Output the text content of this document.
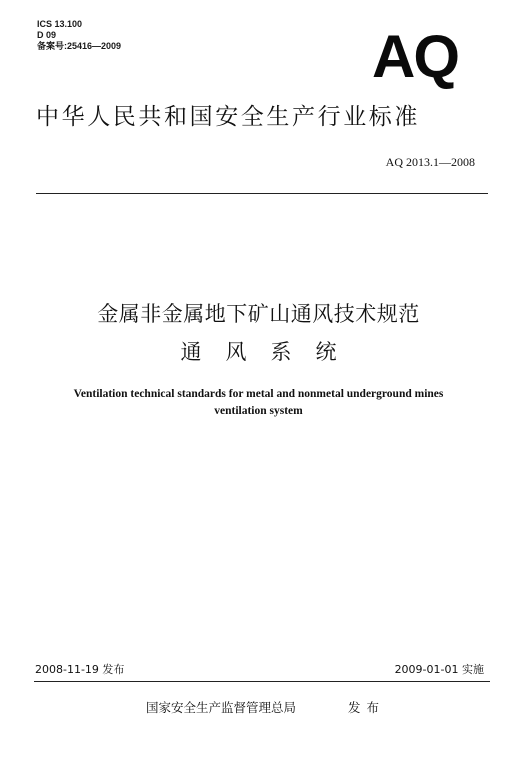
ICS 13.100
D 09
备案号:25416—2009	AQ
中华人民共和国安全生产行业标准
AQ 2013.1—2008
金属非金属地下矿山通风技术规范
通风系统
Ventilation technical standards for metal and nonmetal underground mines
ventilation system
2008-11-19 发布	2009-01-01 实施
国家安全生产监督管理总局	发布
